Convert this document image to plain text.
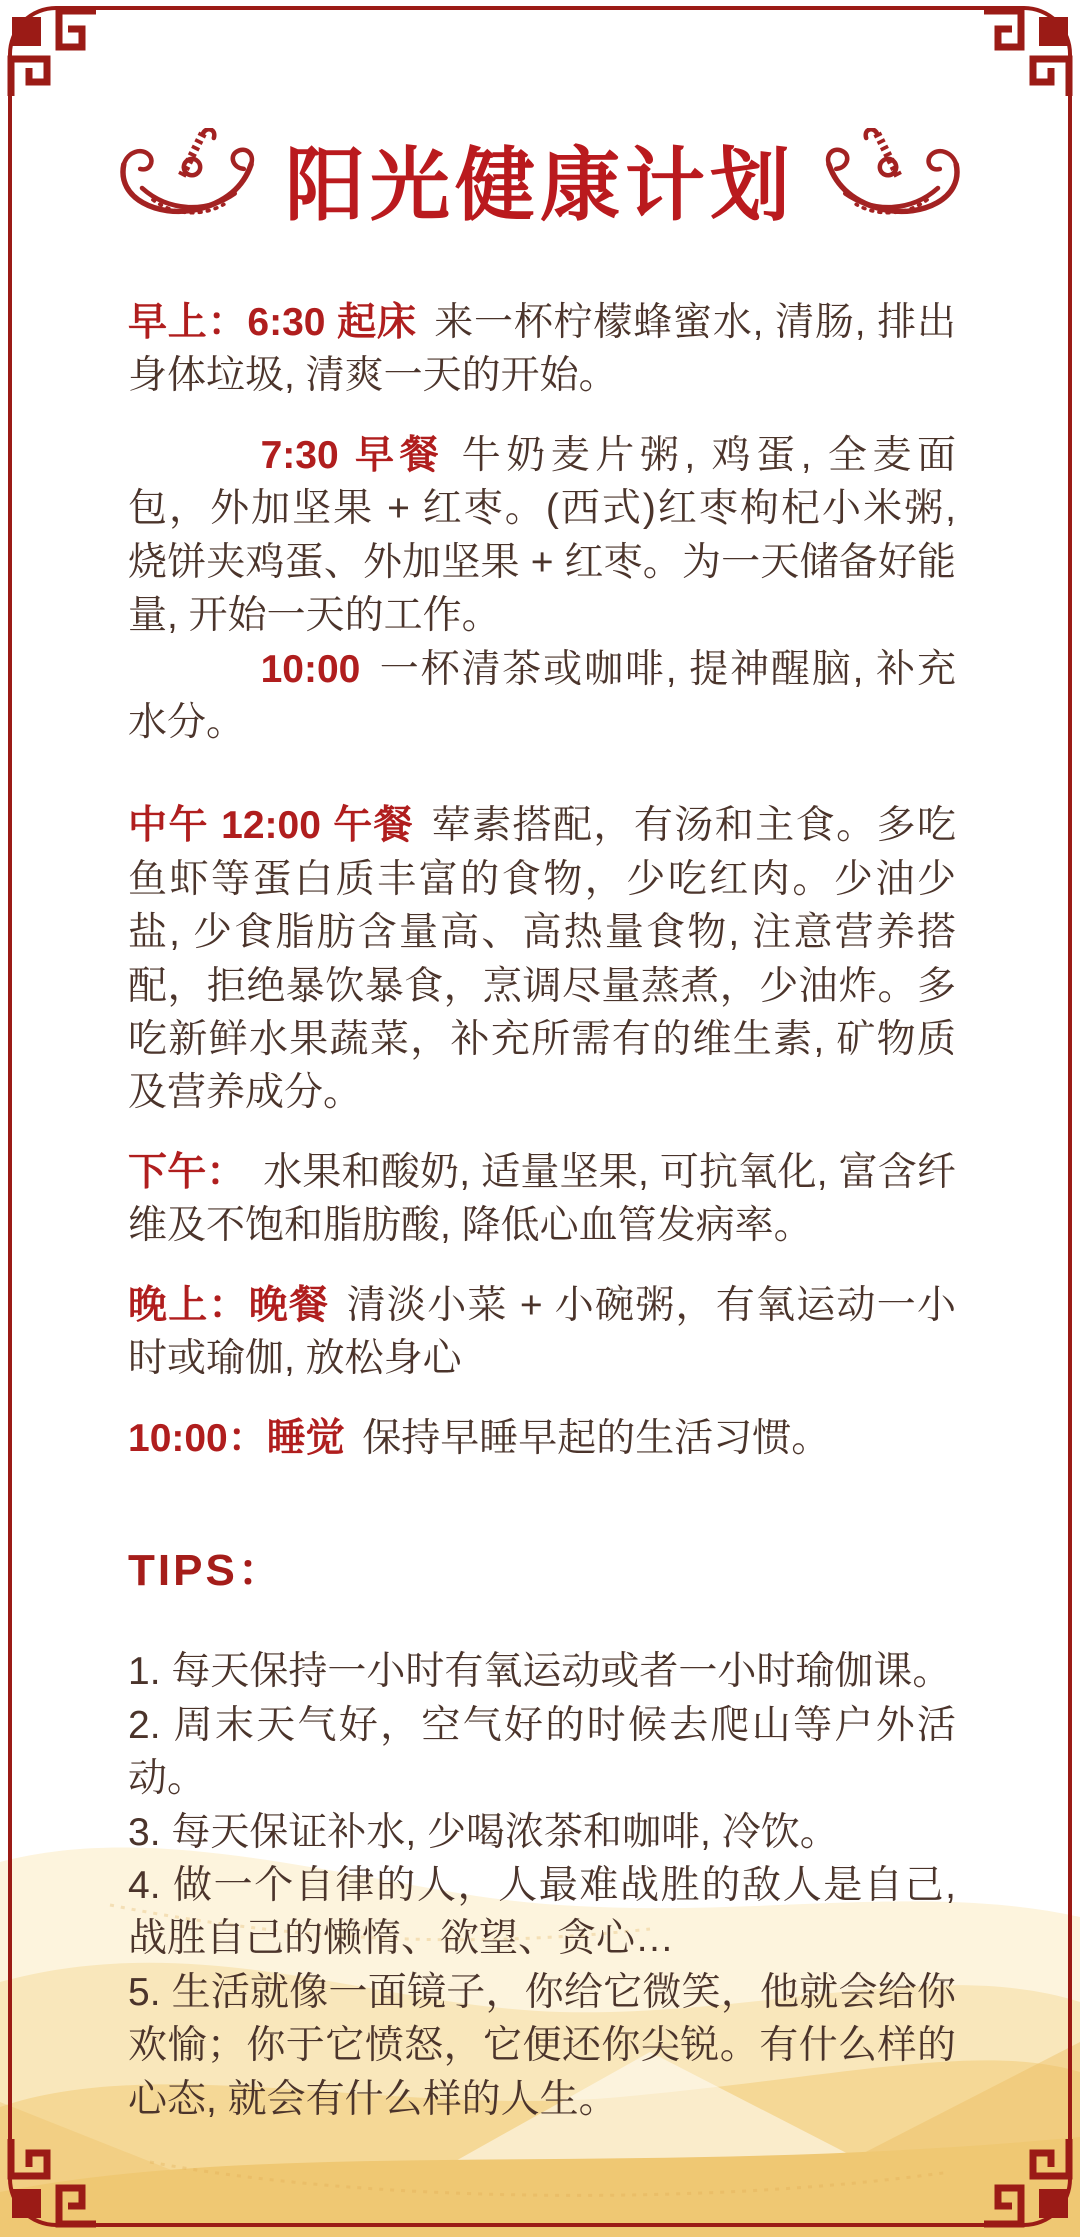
阳光健康计划

早上：6:30 起床 来一杯柠檬蜂蜜水, 清肠, 排出身体垃圾, 清爽一天的开始。

7:30 早餐 牛奶麦片粥, 鸡蛋, 全麦面包，外加坚果 + 红枣。(西式)红枣枸杞小米粥, 烧饼夹鸡蛋、外加坚果 + 红枣。为一天储备好能量, 开始一天的工作。

10:00 一杯清茶或咖啡, 提神醒脑, 补充水分。

中午 12:00 午餐 荤素搭配，有汤和主食。多吃鱼虾等蛋白质丰富的食物，少吃红肉。少油少盐, 少食脂肪含量高、高热量食物, 注意营养搭配，拒绝暴饮暴食，烹调尽量蒸煮，少油炸。多吃新鲜水果蔬菜，补充所需有的维生素, 矿物质及营养成分。

下午： 水果和酸奶, 适量坚果, 可抗氧化, 富含纤维及不饱和脂肪酸, 降低心血管发病率。

晚上：晚餐 清淡小菜 + 小碗粥，有氧运动一小时或瑜伽, 放松身心

10:00：睡觉 保持早睡早起的生活习惯。

TIPS：

1. 每天保持一小时有氧运动或者一小时瑜伽课。

2. 周末天气好，空气好的时候去爬山等户外活动。

3. 每天保证补水, 少喝浓茶和咖啡, 冷饮。

4. 做一个自律的人，人最难战胜的敌人是自己, 战胜自己的懒惰、欲望、贪心…

5. 生活就像一面镜子，你给它微笑，他就会给你欢愉；你于它愤怒，它便还你尖锐。有什么样的心态, 就会有什么样的人生。
